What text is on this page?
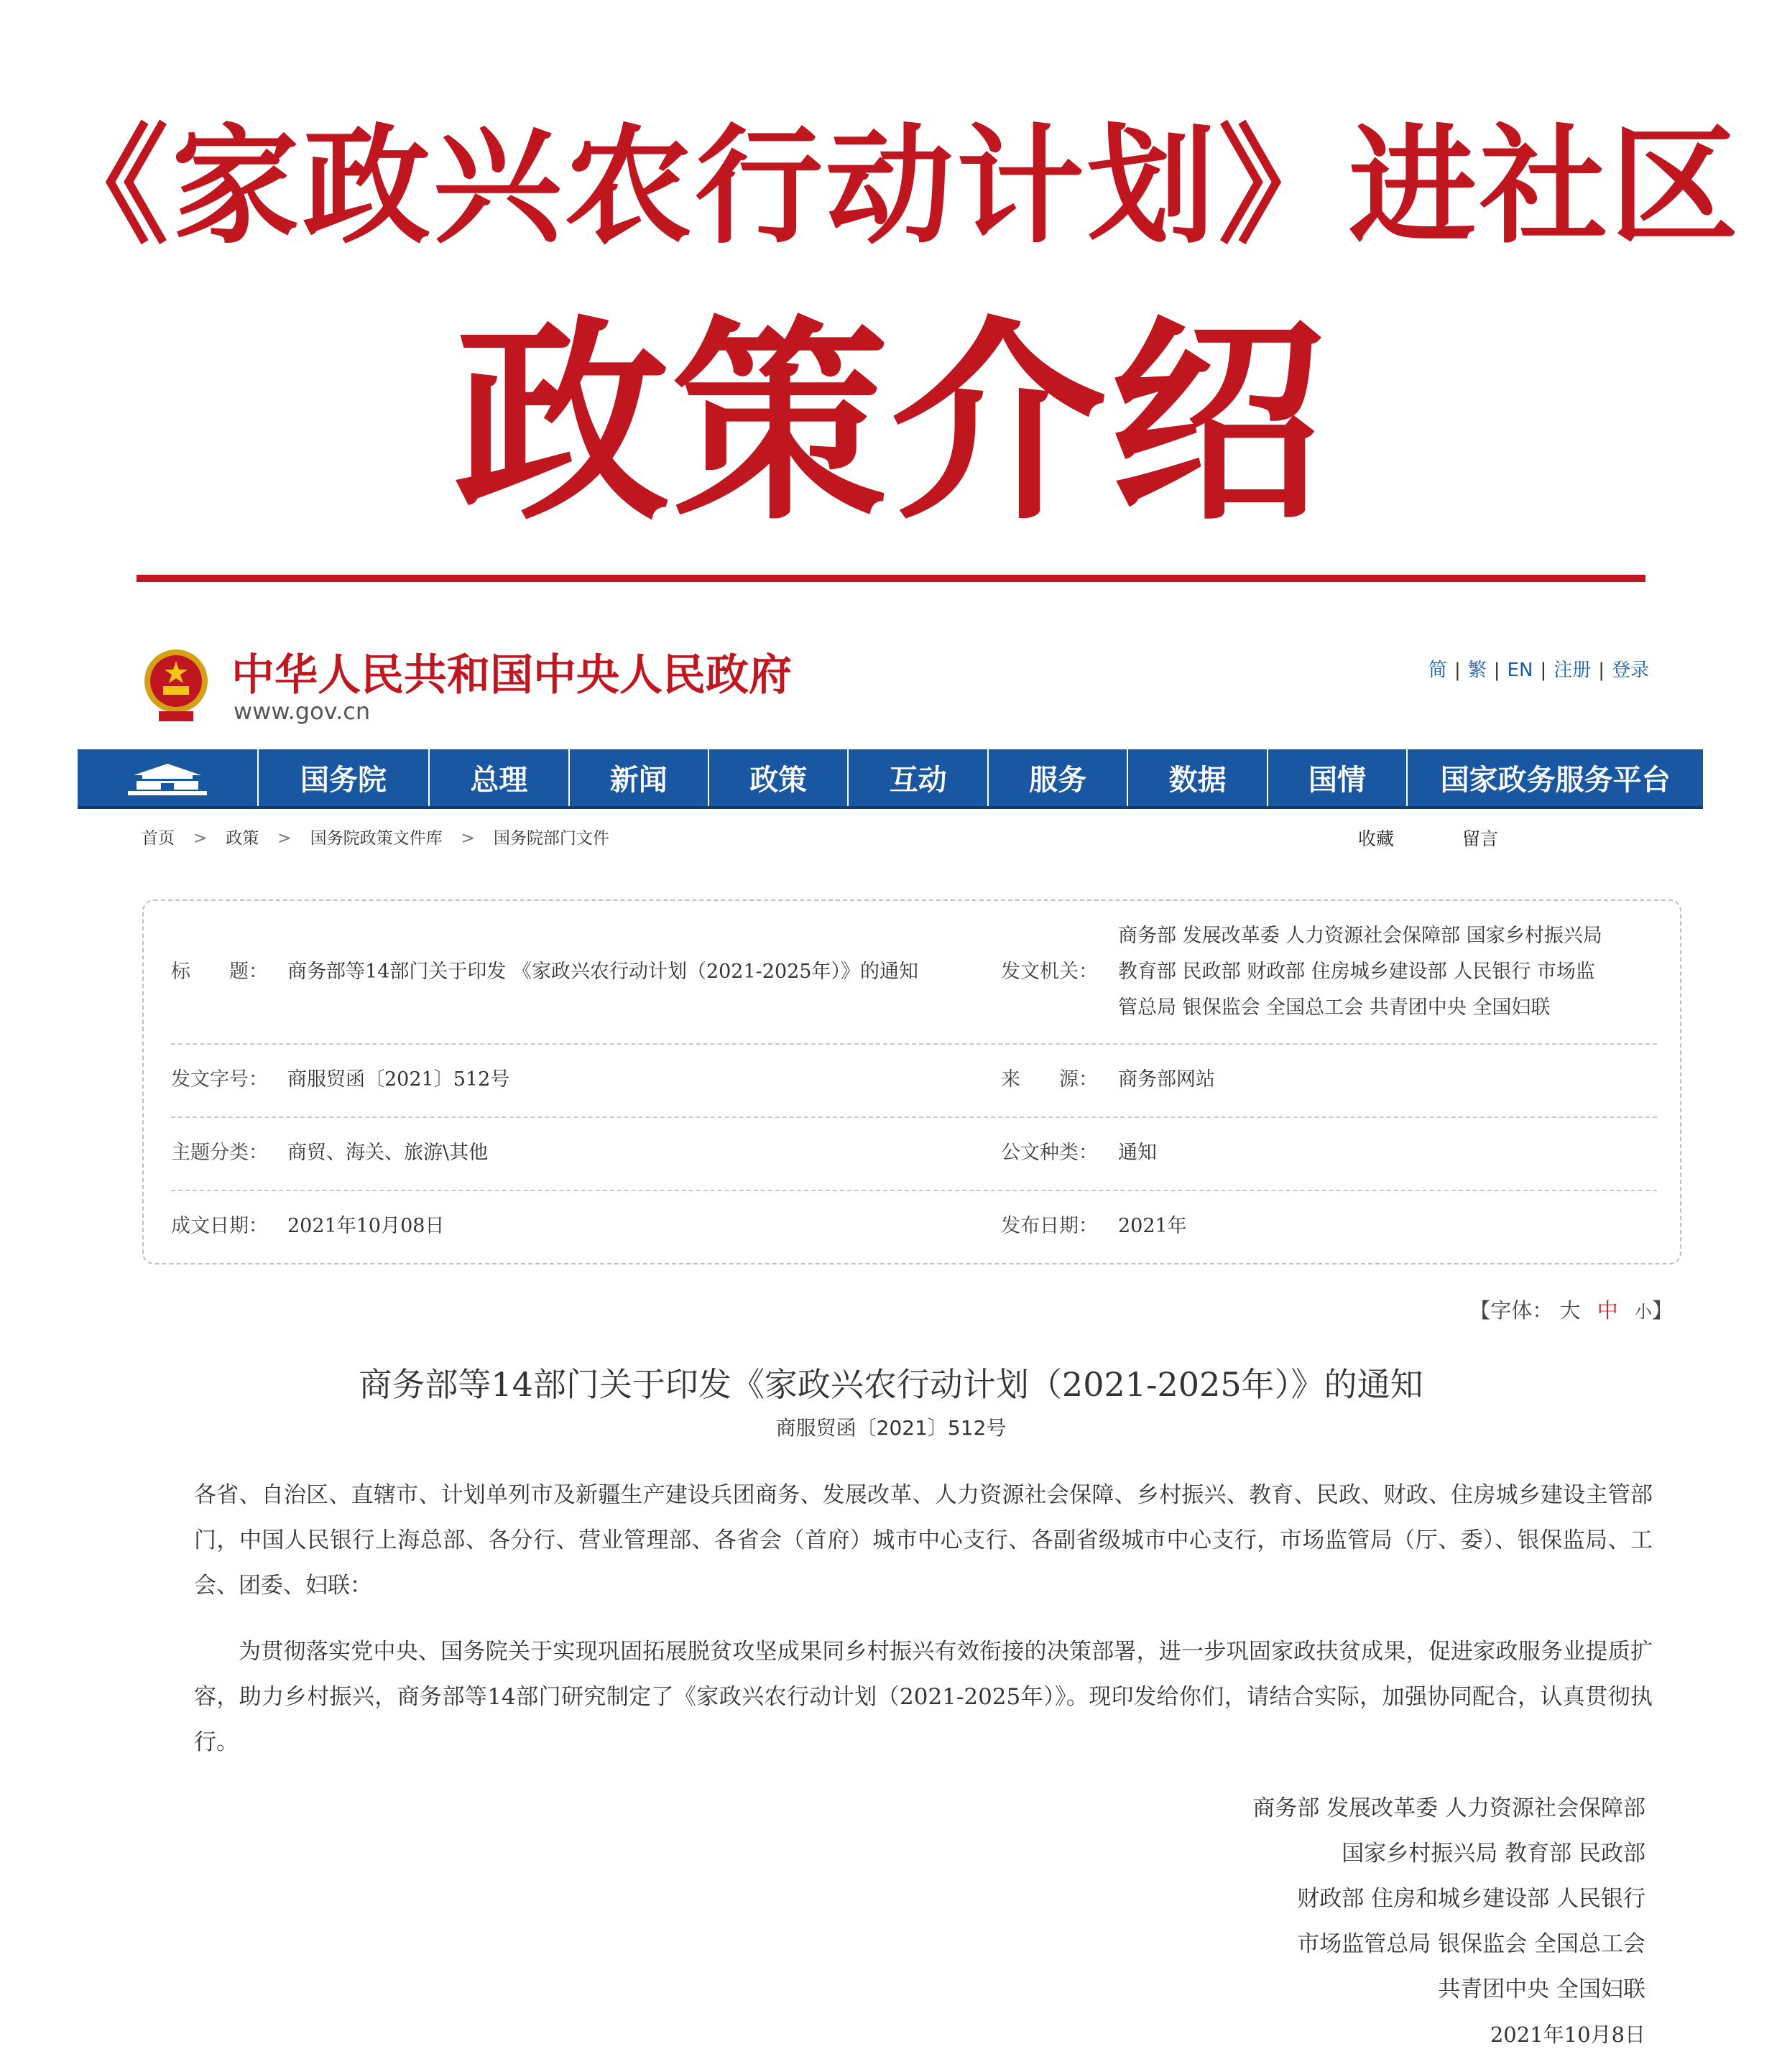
《家政兴农行动计划》进社区
政策介绍
中华人民共和国中央人民政府
www.gov.cn
简 | 繁 | EN | 注册 | 登录
国务院	总理	新闻	政策	互动	服务	数据	国情	国家政务服务平台
首页 > 政策 > 国务院政策文件库 > 国务院部门文件	收藏	留言
标　　题： 商务部等14部门关于印发 《家政兴农行动计划（2021-2025年）》的通知	发文机关：
商务部 发展改革委 人力资源社会保障部 国家乡村振兴局
教育部 民政部 财政部 住房城乡建设部 人民银行 市场监
管总局 银保监会 全国总工会 共青团中央 全国妇联
发文字号： 商服贸函〔2021〕512号	来　　源： 商务部网站
主题分类： 商贸、海关、旅游\其他	公文种类： 通知
成文日期： 2021年10月08日	发布日期： 2021年
【字体： 大 中 小】
商务部等14部门关于印发《家政兴农行动计划（2021-2025年）》的通知
商服贸函〔2021〕512号
各省、自治区、直辖市、计划单列市及新疆生产建设兵团商务、发展改革、人力资源社会保障、乡村振兴、教育、民政、财政、住房城乡建设主管部门，中国人民银行上海总部、各分行、营业管理部、各省会（首府）城市中心支行、各副省级城市中心支行，市场监管局（厅、委）、银保监局、工会、团委、妇联：
为贯彻落实党中央、国务院关于实现巩固拓展脱贫攻坚成果同乡村振兴有效衔接的决策部署，进一步巩固家政扶贫成果，促进家政服务业提质扩容，助力乡村振兴，商务部等14部门研究制定了《家政兴农行动计划（2021-2025年）》。现印发给你们，请结合实际，加强协同配合，认真贯彻执行。
商务部 发展改革委 人力资源社会保障部
国家乡村振兴局 教育部 民政部
财政部 住房和城乡建设部 人民银行
市场监管总局 银保监会 全国总工会
共青团中央 全国妇联
2021年10月8日
